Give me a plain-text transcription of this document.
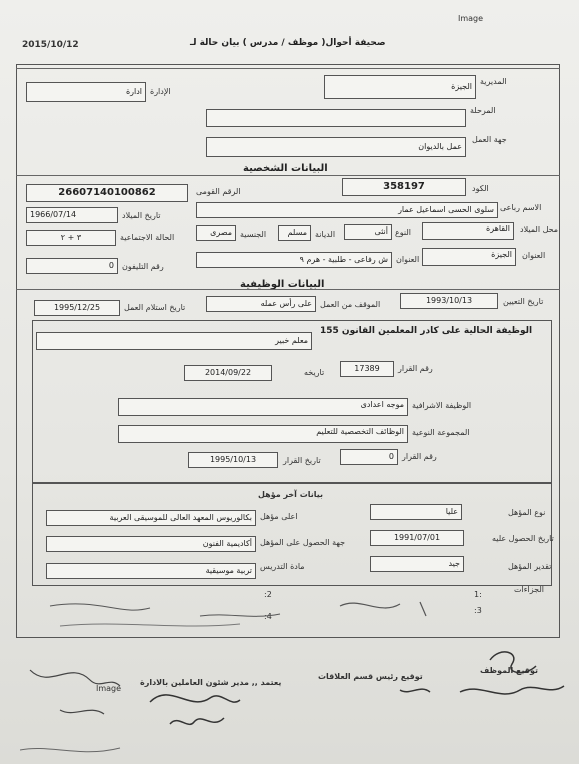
Image
2015/10/12	صحيفة أحوال( موظف / مدرس ) بيان حالة لـ
المديرية
الجيزة
الإدارة
ادارة
المرحلة
جهة العمل
عمل بالديوان
البيانات الشخصية
الكود
358197
الرقم القومى
26607140100862
الاسم رباعى
سلوى الحسى اسماعيل عمار
تاريخ الميلاد
1966/07/14
محل الميلاد
القاهرة
النوع
أنثى
الديانة
مسلم
الجنسية
مصرى
الحالة الاجتماعية
٣ + ٢
العنوان
الجيزة
العنوان
ش رفاعى - طلبية - هرم ٩
رقم التليفون
0
البيانات الوظيفية
تاريخ التعيين
1993/10/13
الموقف من العمل
على رأس عمله
تاريخ استلام العمل
1995/12/25
الوظيفة الحالية على كادر المعلمين القانون 155
معلم خبير
رقم القرار
17389
تاريخه
2014/09/22
الوظيفة الاشرافية
موجه اعدادى
المجموعة النوعية
الوظائف التخصصية للتعليم
رقم القرار
0
تاريخ القرار
1995/10/13
بيانات آخر مؤهل
نوع المؤهل
عليا
اعلى مؤهل
بكالوريوس المعهد العالى للموسيقى العربية
تاريخ الحصول عليه
1991/07/01
جهة الحصول على المؤهل
أكاديمية الفنون
تقدير المؤهل
جيد
مادة التدريس
تربية موسيقية
الجزاءات
1:
:2
:3
:4
توقيع الموظف
توقيع رئيس قسم العلاقات
يعتمد ,, مدير شئون العاملين بالادارة
Image
